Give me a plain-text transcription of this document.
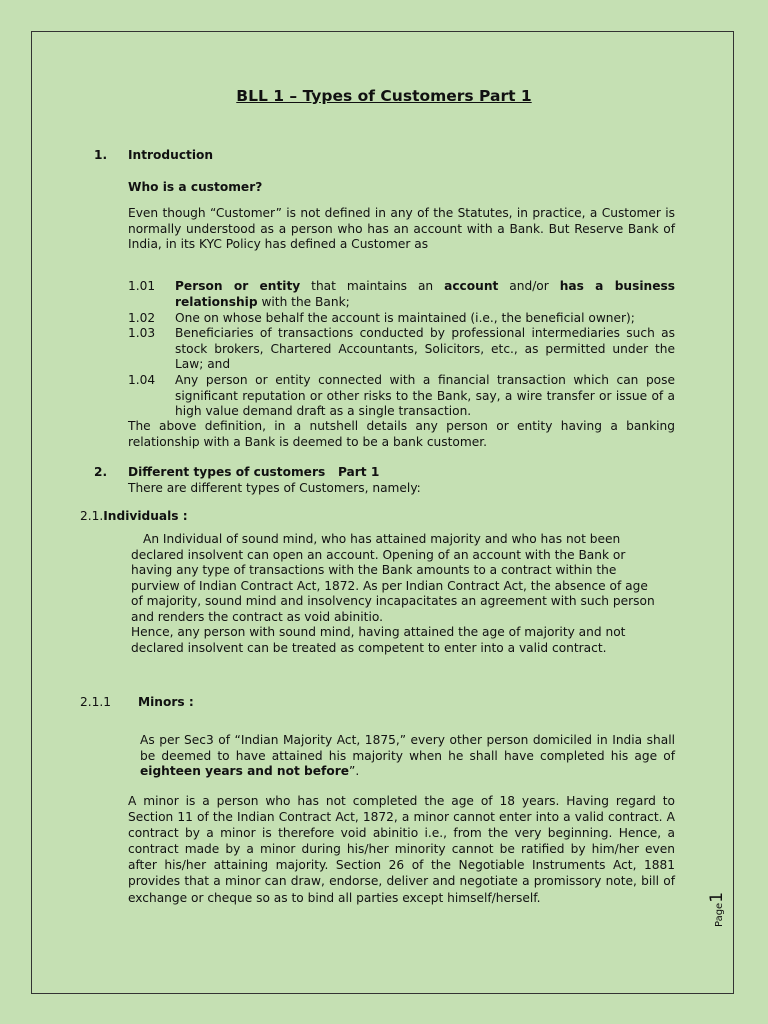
BLL 1 – Types of Customers Part 1
1. Introduction
Who is a customer?
Even though “Customer” is not defined in any of the Statutes, in practice, a Customer is normally understood as a person who has an account with a Bank. But Reserve Bank of India, in its KYC Policy has defined a Customer as
1.01 Person or entity that maintains an account and/or has a business relationship with the Bank;
1.02 One on whose behalf the account is maintained (i.e., the beneficial owner);
1.03 Beneficiaries of transactions conducted by professional intermediaries such as stock brokers, Chartered Accountants, Solicitors, etc., as permitted under the Law; and
1.04 Any person or entity connected with a financial transaction which can pose significant reputation or other risks to the Bank, say, a wire transfer or issue of a high value demand draft as a single transaction.
The above definition, in a nutshell details any person or entity having a banking relationship with a Bank is deemed to be a bank customer.
2. Different types of customers   Part 1
There are different types of Customers, namely:
2.1.Individuals :
An Individual of sound mind, who has attained majority and who has not been declared insolvent can open an account. Opening of an account with the Bank or having any type of transactions with the Bank amounts to a contract within the purview of Indian Contract Act, 1872. As per Indian Contract Act, the absence of age of majority, sound mind and insolvency incapacitates an agreement with such person and renders the contract as void abinitio.
Hence, any person with sound mind, having attained the age of majority and not declared insolvent can be treated as competent to enter into a valid contract.
2.1.1 Minors :
As per Sec3 of “Indian Majority Act, 1875,” every other person domiciled in India shall be deemed to have attained his majority when he shall have completed his age of eighteen years and not before”.
A minor is a person who has not completed the age of 18 years. Having regard to Section 11 of the Indian Contract Act, 1872, a minor cannot enter into a valid contract. A contract by a minor is therefore void abinitio i.e., from the very beginning. Hence, a contract made by a minor during his/her minority cannot be ratified by him/her even after his/her attaining majority. Section 26 of the Negotiable Instruments Act, 1881 provides that a minor can draw, endorse, deliver and negotiate a promissory note, bill of exchange or cheque so as to bind all parties except himself/herself.
Page1
